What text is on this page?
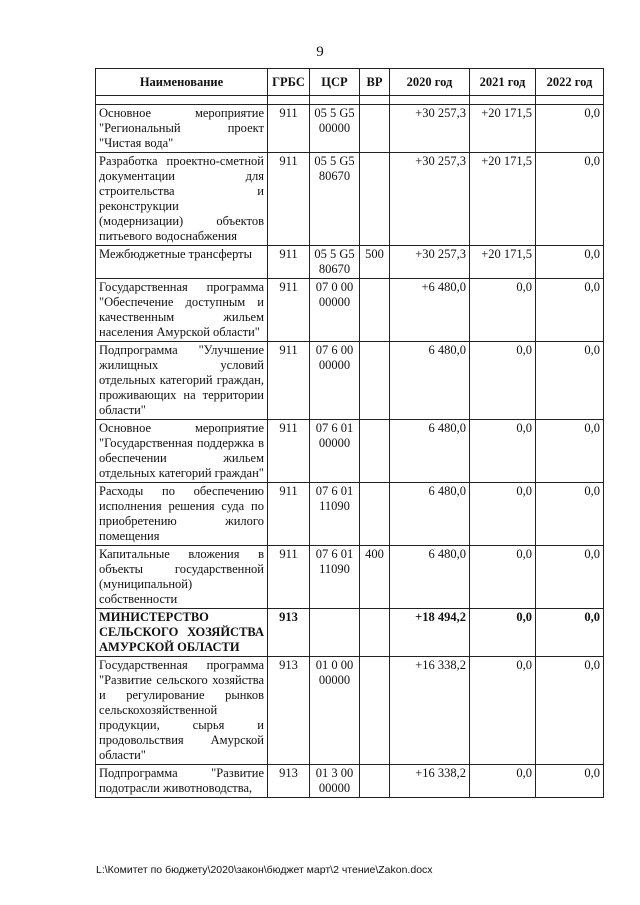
9
Наименование	ГРБС	ЦСР	ВР	2020 год	2021 год	2022 год

Основное мероприятие "Региональный проект "Чистая вода"	911	05 5 G5 00000		+30 257,3	+20 171,5	0,0
Разработка проектно-сметной документации для строительства и реконструкции (модернизации) объектов питьевого водоснабжения	911	05 5 G5 80670		+30 257,3	+20 171,5	0,0
Межбюджетные трансферты	911	05 5 G5 80670	500	+30 257,3	+20 171,5	0,0
Государственная программа "Обеспечение доступным и качественным жильем населения Амурской области"	911	07 0 00 00000		+6 480,0	0,0	0,0
Подпрограмма "Улучшение жилищных условий отдельных категорий граждан, проживающих на территории области"	911	07 6 00 00000		6 480,0	0,0	0,0
Основное мероприятие "Государственная поддержка в обеспечении жильем отдельных категорий граждан"	911	07 6 01 00000		6 480,0	0,0	0,0
Расходы по обеспечению исполнения решения суда по приобретению жилого помещения	911	07 6 01 11090		6 480,0	0,0	0,0
Капитальные вложения в объекты государственной (муниципальной) собственности	911	07 6 01 11090	400	6 480,0	0,0	0,0
МИНИСТЕРСТВО СЕЛЬСКОГО ХОЗЯЙСТВА АМУРСКОЙ ОБЛАСТИ	913			+18 494,2	0,0	0,0
Государственная программа "Развитие сельского хозяйства и регулирование рынков сельскохозяйственной продукции, сырья и продовольствия Амурской области"	913	01 0 00 00000		+16 338,2	0,0	0,0
Подпрограмма "Развитие подотрасли животноводства,	913	01 3 00 00000		+16 338,2	0,0	0,0
L:\Комитет по бюджету\2020\закон\бюджет март\2 чтение\Zakon.docx
